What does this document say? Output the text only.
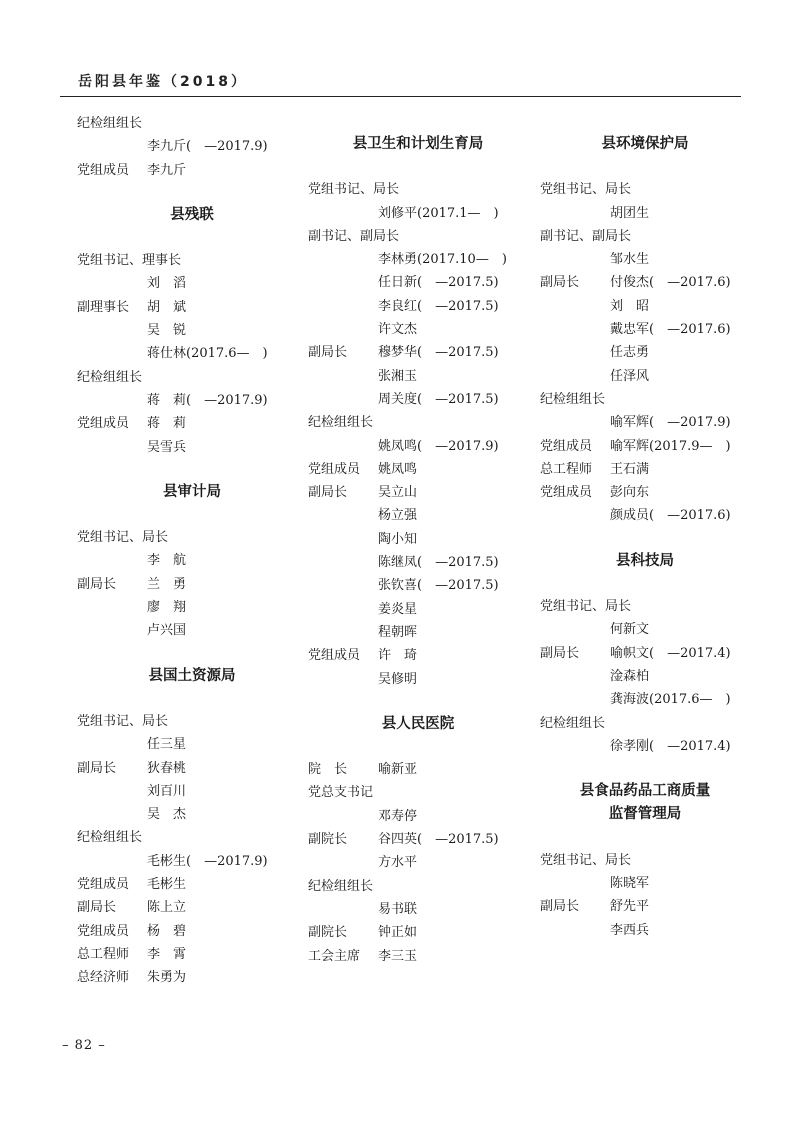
岳阳县年鉴（2018）
纪检组组长
李九斤(　—2017.9)
党组成员	李九斤
县残联
党组书记、理事长
刘　滔
副理事长	胡　斌
吴　锐
蒋仕林(2017.6—　)
纪检组组长
蒋　莉(　—2017.9)
党组成员	蒋　莉
吴雪兵
县审计局
党组书记、局长
李　航
副局长	兰　勇
廖　翔
卢兴国
县国土资源局
党组书记、局长
任三星
副局长	狄春桃
刘百川
吴　杰
纪检组组长
毛彬生(　—2017.9)
党组成员	毛彬生
副局长	陈上立
党组成员	杨　碧
总工程师	李　霄
总经济师	朱勇为
县卫生和计划生育局
党组书记、局长
刘修平(2017.1—　)
副书记、副局长
李林勇(2017.10—　)
任日新(　—2017.5)
李良红(　—2017.5)
许文杰
副局长	穆梦华(　—2017.5)
张湘玉
周关度(　—2017.5)
纪检组组长
姚凤鸣(　—2017.9)
党组成员	姚凤鸣
副局长	吴立山
杨立强
陶小知
陈继凤(　—2017.5)
张钦喜(　—2017.5)
姜炎星
程朝晖
党组成员	许　琦
吴修明
县人民医院
院　长	喻新亚
党总支书记
邓寿停
副院长	谷四英(　—2017.5)
方水平
纪检组组长
易书联
副院长	钟正如
工会主席	李三玉
县环境保护局
党组书记、局长
胡团生
副书记、副局长
邹水生
副局长	付俊杰(　—2017.6)
刘　昭
戴忠军(　—2017.6)
任志勇
任泽风
纪检组组长
喻军辉(　—2017.9)
党组成员	喻军辉(2017.9—　)
总工程师	王石满
党组成员	彭向东
颜成员(　—2017.6)
县科技局
党组书记、局长
何新文
副局长	喻帜文(　—2017.4)
淦森柏
龚海波(2017.6—　)
纪检组组长
徐孝刚(　—2017.4)
县食品药品工商质量
监督管理局
党组书记、局长
陈晓军
副局长	舒先平
李西兵
– 82 –
